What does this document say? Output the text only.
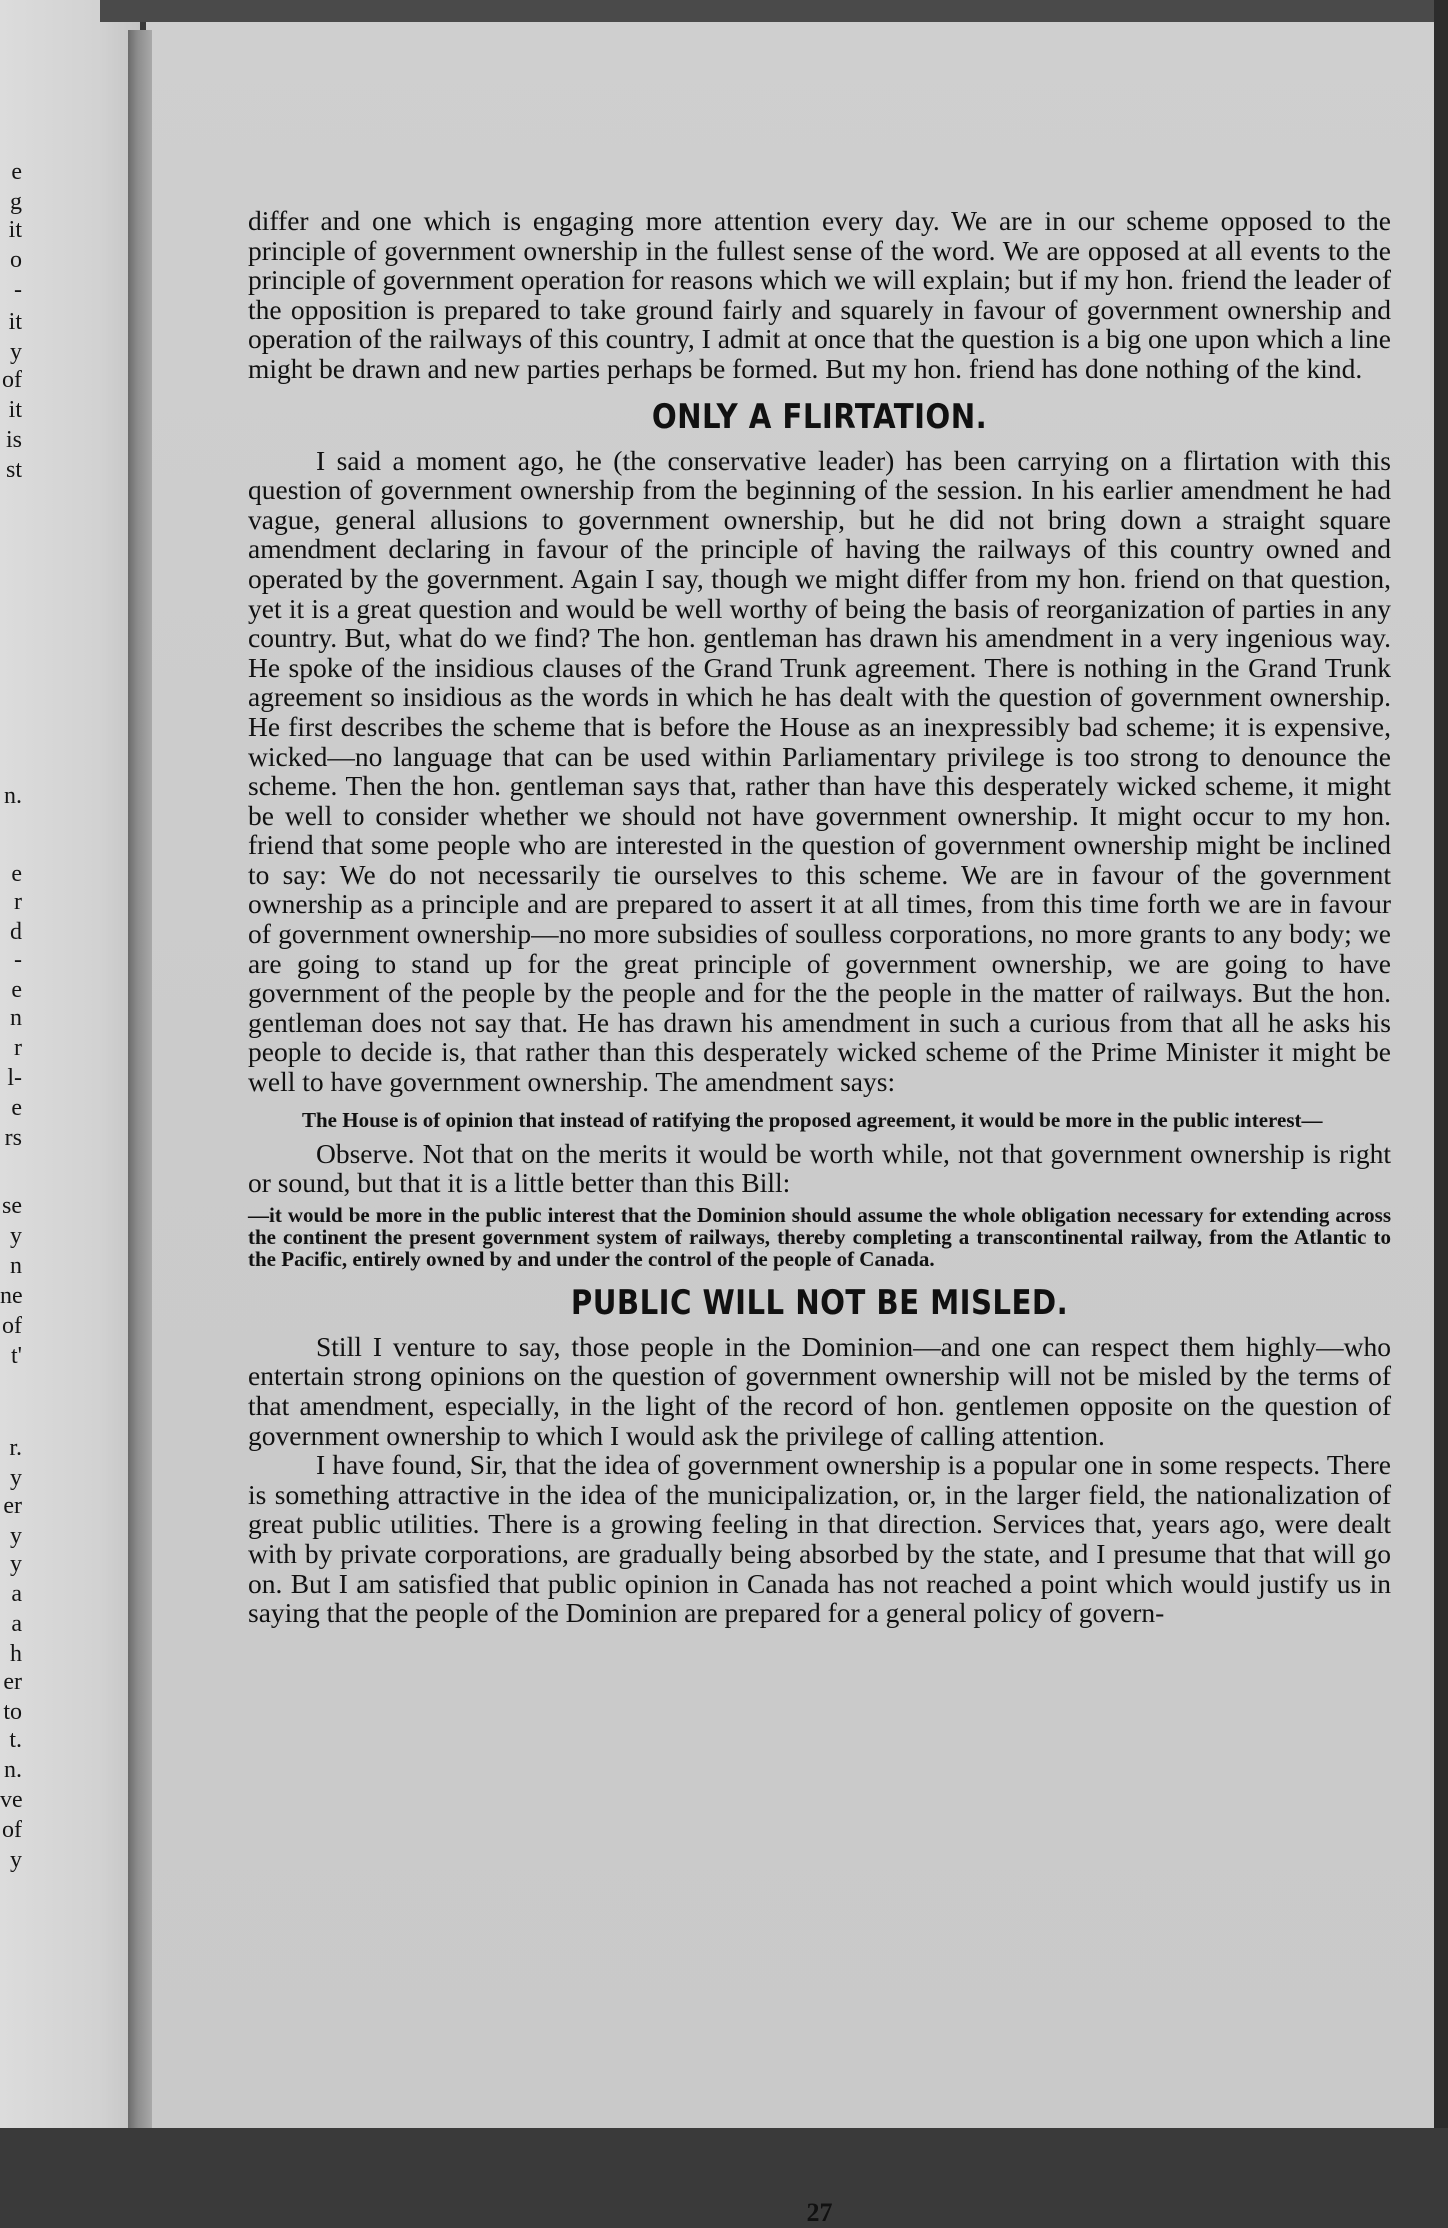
e
g
it
o
-
it
y
of
it
is
st
n.
e
r
d
-
e
n
r
l-
e
rs
se
y
n
ne
of
t'
r.
y
er
y
y
a
a
h
er
to
t.
n.
ve
of
y

differ and one which is engaging more attention every day. We are in our scheme opposed to the principle of government ownership in the fullest sense of the word. We are opposed at all events to the principle of government operation for reasons which we will explain; but if my hon. friend the leader of the opposition is prepared to take ground fairly and squarely in favour of government ownership and operation of the railways of this country, I admit at once that the question is a big one upon which a line might be drawn and new parties perhaps be formed. But my hon. friend has done nothing of the kind.

ONLY A FLIRTATION.

I said a moment ago, he (the conservative leader) has been carrying on a flirtation with this question of government ownership from the beginning of the session. In his earlier amendment he had vague, general allusions to government ownership, but he did not bring down a straight square amendment declaring in favour of the principle of having the railways of this country owned and operated by the government. Again I say, though we might differ from my hon. friend on that question, yet it is a great question and would be well worthy of being the basis of reorganization of parties in any country. But, what do we find? The hon. gentleman has drawn his amendment in a very ingenious way. He spoke of the insidious clauses of the Grand Trunk agreement. There is nothing in the Grand Trunk agreement so insidious as the words in which he has dealt with the question of government ownership. He first describes the scheme that is before the House as an inexpressibly bad scheme; it is expensive, wicked—no language that can be used within Parliamentary privilege is too strong to denounce the scheme. Then the hon. gentleman says that, rather than have this desperately wicked scheme, it might be well to consider whether we should not have government ownership. It might occur to my hon. friend that some people who are interested in the question of government ownership might be inclined to say: We do not necessarily tie ourselves to this scheme. We are in favour of the government ownership as a principle and are prepared to assert it at all times, from this time forth we are in favour of government ownership—no more subsidies of soulless corporations, no more grants to any body; we are going to stand up for the great principle of government ownership, we are going to have government of the people by the people and for the the people in the matter of railways. But the hon. gentleman does not say that. He has drawn his amendment in such a curious from that all he asks his people to decide is, that rather than this desperately wicked scheme of the Prime Minister it might be well to have government ownership. The amendment says:

The House is of opinion that instead of ratifying the proposed agreement, it would be more in the public interest—

Observe. Not that on the merits it would be worth while, not that government ownership is right or sound, but that it is a little better than this Bill:

—it would be more in the public interest that the Dominion should assume the whole obligation necessary for extending across the continent the present government system of railways, thereby completing a transcontinental railway, from the Atlantic to the Pacific, entirely owned by and under the control of the people of Canada.

PUBLIC WILL NOT BE MISLED.

Still I venture to say, those people in the Dominion—and one can respect them highly—who entertain strong opinions on the question of government ownership will not be misled by the terms of that amendment, especially, in the light of the record of hon. gentlemen opposite on the question of government ownership to which I would ask the privilege of calling attention.

I have found, Sir, that the idea of government ownership is a popular one in some respects. There is something attractive in the idea of the municipalization, or, in the larger field, the nationalization of great public utilities. There is a growing feeling in that direction. Services that, years ago, were dealt with by private corporations, are gradually being absorbed by the state, and I presume that that will go on. But I am satisfied that public opinion in Canada has not reached a point which would justify us in saying that the people of the Dominion are prepared for a general policy of govern-

27
